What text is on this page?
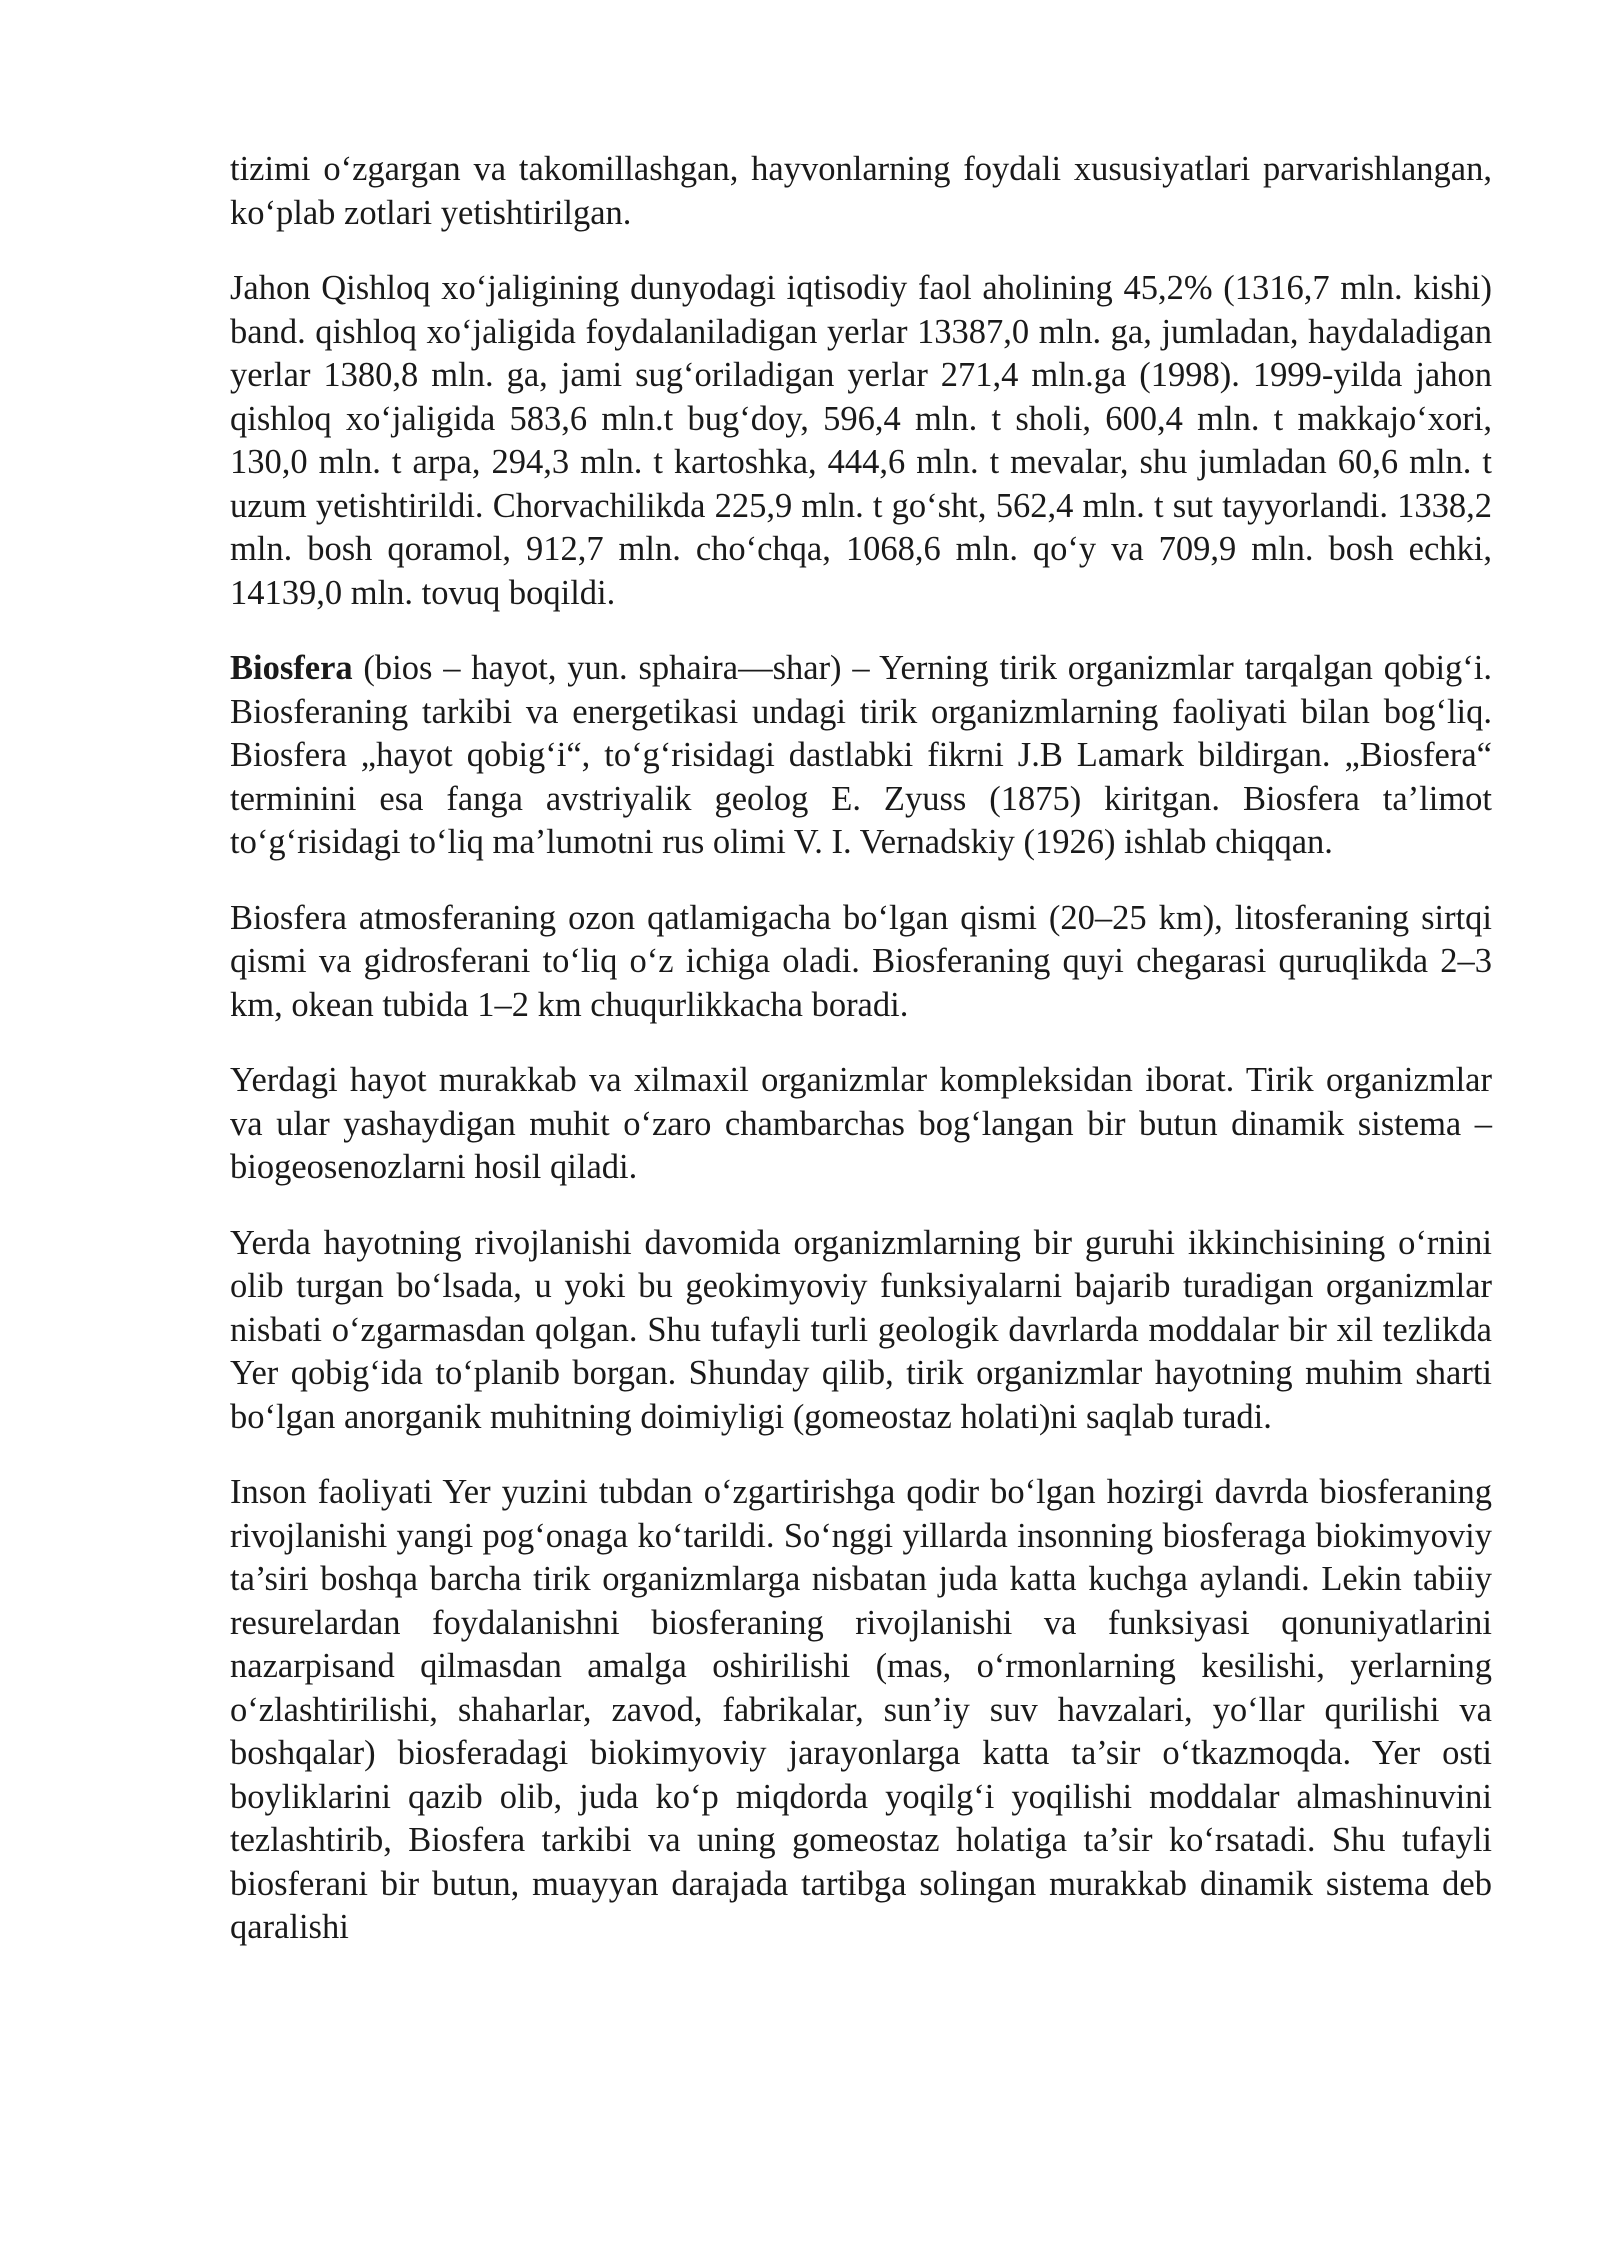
tizimi o‘zgargan va takomillashgan, hayvonlarning foydali xususiyatlari parvarishlangan, ko‘plab zotlari yetishtirilgan.

Jahon Qishloq xo‘jaligining dunyodagi iqtisodiy faol aholining 45,2% (1316,7 mln. kishi) band. qishloq xo‘jaligida foydalaniladigan yerlar 13387,0 mln. ga, jumladan, haydaladigan yerlar 1380,8 mln. ga, jami sug‘oriladigan yerlar 271,4 mln.ga (1998). 1999-yilda jahon qishloq xo‘jaligida 583,6 mln.t bug‘doy, 596,4 mln. t sholi, 600,4 mln. t makkajo‘xori, 130,0 mln. t arpa, 294,3 mln. t kartoshka, 444,6 mln. t mevalar, shu jumladan 60,6 mln. t uzum yetishtirildi. Chorvachilikda 225,9 mln. t go‘sht, 562,4 mln. t sut tayyorlandi. 1338,2 mln. bosh qoramol, 912,7 mln. cho‘chqa, 1068,6 mln. qo‘y va 709,9 mln. bosh echki, 14139,0 mln. tovuq boqildi.

Biosfera (bios – hayot, yun. sphaira—shar) – Yerning tirik organizmlar tarqalgan qobig‘i. Biosferaning tarkibi va energetikasi undagi tirik organizmlarning faoliyati bilan bog‘liq. Biosfera „hayot qobig‘i“, to‘g‘risidagi dastlabki fikrni J.B Lamark bildirgan. „Biosfera“ terminini esa fanga avstriyalik geolog E. Zyuss (1875) kiritgan. Biosfera ta’limot to‘g‘risidagi to‘liq ma’lumotni rus olimi V. I. Vernadskiy (1926) ishlab chiqqan.

Biosfera atmosferaning ozon qatlamigacha bo‘lgan qismi (20–25 km), litosferaning sirtqi qismi va gidrosferani to‘liq o‘z ichiga oladi. Biosferaning quyi chegarasi quruqlikda 2–3 km, okean tubida 1–2 km chuqurlikkacha boradi.

Yerdagi hayot murakkab va xilmaxil organizmlar kompleksidan iborat. Tirik organizmlar va ular yashaydigan muhit o‘zaro chambarchas bog‘langan bir butun dinamik sistema – biogeosenozlarni hosil qiladi.

Yerda hayotning rivojlanishi davomida organizmlarning bir guruhi ikkinchisining o‘rnini olib turgan bo‘lsada, u yoki bu geokimyoviy funksiyalarni bajarib turadigan organizmlar nisbati o‘zgarmasdan qolgan. Shu tufayli turli geologik davrlarda moddalar bir xil tezlikda Yer qobig‘ida to‘planib borgan. Shunday qilib, tirik organizmlar hayotning muhim sharti bo‘lgan anorganik muhitning doimiyligi (gomeostaz holati)ni saqlab turadi.

Inson faoliyati Yer yuzini tubdan o‘zgartirishga qodir bo‘lgan hozirgi davrda biosferaning rivojlanishi yangi pog‘onaga ko‘tarildi. So‘nggi yillarda insonning biosferaga biokimyoviy ta’siri boshqa barcha tirik organizmlarga nisbatan juda katta kuchga aylandi. Lekin tabiiy resurelardan foydalanishni biosferaning rivojlanishi va funksiyasi qonuniyatlarini nazarpisand qilmasdan amalga oshirilishi (mas, o‘rmonlarning kesilishi, yerlarning o‘zlashtirilishi, shaharlar, zavod, fabrikalar, sun’iy suv havzalari, yo‘llar qurilishi va boshqalar) biosferadagi biokimyoviy jarayonlarga katta ta’sir o‘tkazmoqda. Yer osti boyliklarini qazib olib, juda ko‘p miqdorda yoqilg‘i yoqilishi moddalar almashinuvini tezlashtirib, Biosfera tarkibi va uning gomeostaz holatiga ta’sir ko‘rsatadi. Shu tufayli biosferani bir butun, muayyan darajada tartibga solingan murakkab dinamik sistema deb qaralishi
